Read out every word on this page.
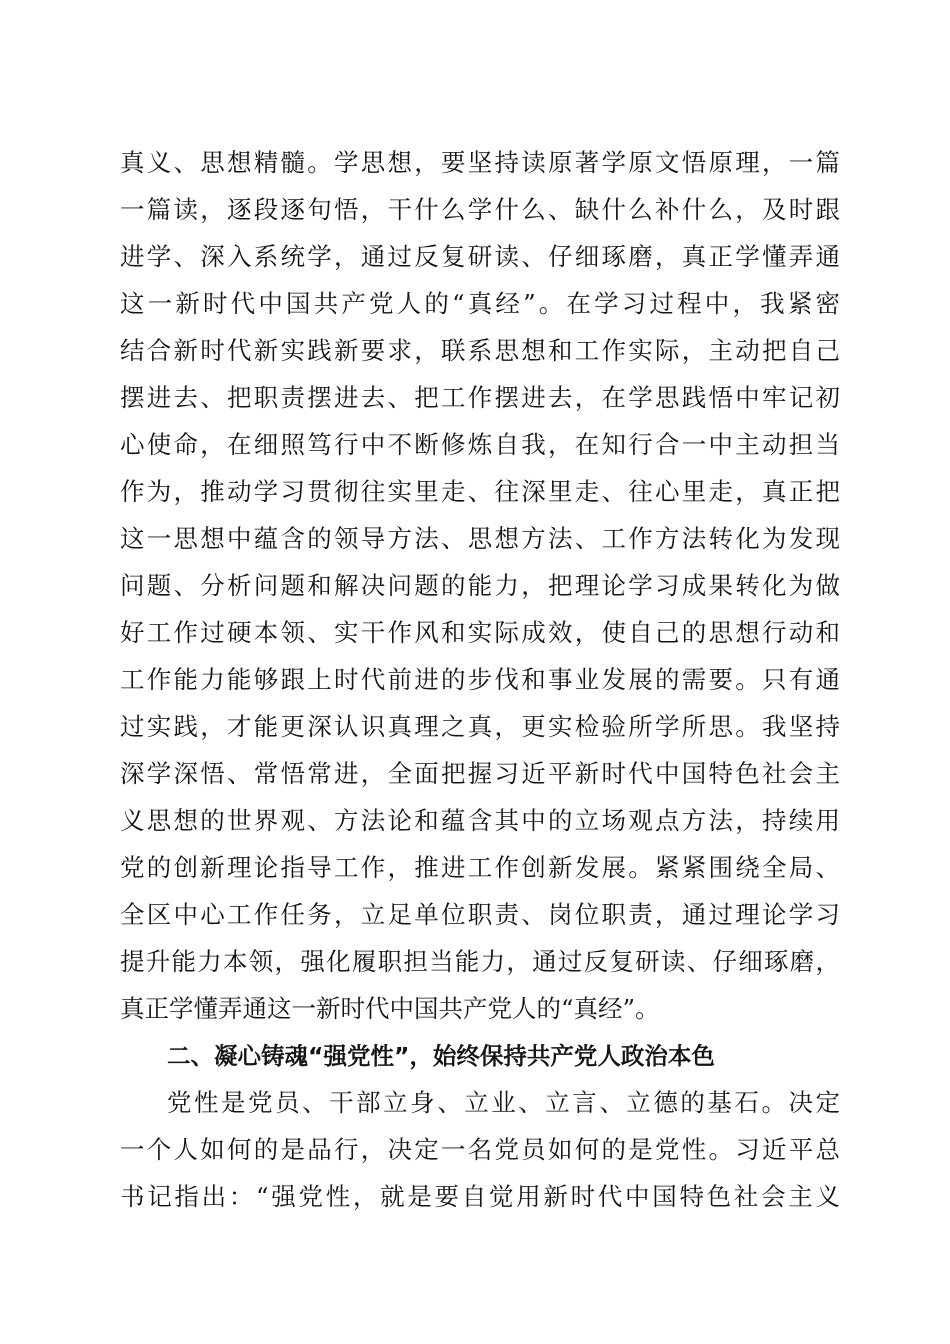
真义、思想精髓。学思想，要坚持读原著学原文悟原理，一篇
一篇读，逐段逐句悟，干什么学什么、缺什么补什么，及时跟
进学、深入系统学，通过反复研读、仔细琢磨，真正学懂弄通
这一新时代中国共产党人的“真经”。在学习过程中，我紧密
结合新时代新实践新要求，联系思想和工作实际，主动把自己
摆进去、把职责摆进去、把工作摆进去，在学思践悟中牢记初
心使命，在细照笃行中不断修炼自我，在知行合一中主动担当
作为，推动学习贯彻往实里走、往深里走、往心里走，真正把
这一思想中蕴含的领导方法、思想方法、工作方法转化为发现
问题、分析问题和解决问题的能力，把理论学习成果转化为做
好工作过硬本领、实干作风和实际成效，使自己的思想行动和
工作能力能够跟上时代前进的步伐和事业发展的需要。只有通
过实践，才能更深认识真理之真，更实检验所学所思。我坚持
深学深悟、常悟常进，全面把握习近平新时代中国特色社会主
义思想的世界观、方法论和蕴含其中的立场观点方法，持续用
党的创新理论指导工作，推进工作创新发展。紧紧围绕全局、
全区中心工作任务，立足单位职责、岗位职责，通过理论学习
提升能力本领，强化履职担当能力，通过反复研读、仔细琢磨，
真正学懂弄通这一新时代中国共产党人的“真经”。
二、凝心铸魂“强党性”，始终保持共产党人政治本色
党性是党员、干部立身、立业、立言、立德的基石。决定
一个人如何的是品行，决定一名党员如何的是党性。习近平总
书记指出：“强党性，就是要自觉用新时代中国特色社会主义
